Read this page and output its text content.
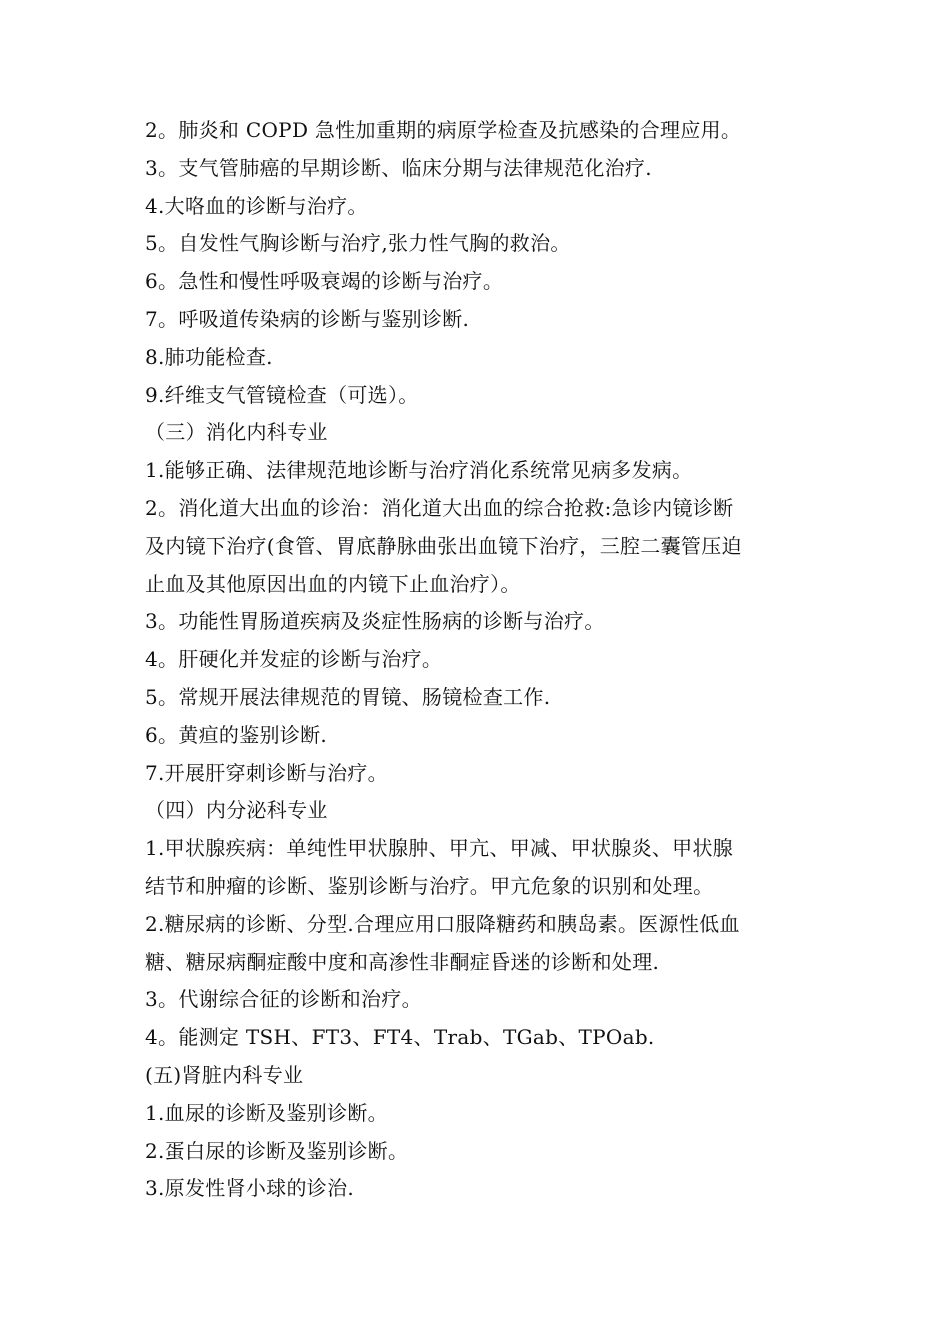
2。肺炎和 COPD 急性加重期的病原学检查及抗感染的合理应用。
3。支气管肺癌的早期诊断、临床分期与法律规范化治疗.
4.大咯血的诊断与治疗。
5。自发性气胸诊断与治疗,张力性气胸的救治。
6。急性和慢性呼吸衰竭的诊断与治疗。
7。呼吸道传染病的诊断与鉴别诊断.
8.肺功能检查.
9.纤维支气管镜检查（可选）。
（三）消化内科专业
1.能够正确、法律规范地诊断与治疗消化系统常见病多发病。
2。消化道大出血的诊治：消化道大出血的综合抢救:急诊内镜诊断
及内镜下治疗(食管、胃底静脉曲张出血镜下治疗，三腔二囊管压迫
止血及其他原因出血的内镜下止血治疗）。
3。功能性胃肠道疾病及炎症性肠病的诊断与治疗。
4。肝硬化并发症的诊断与治疗。
5。常规开展法律规范的胃镜、肠镜检查工作.
6。黄疸的鉴别诊断.
7.开展肝穿刺诊断与治疗。
（四）内分泌科专业
1.甲状腺疾病：单纯性甲状腺肿、甲亢、甲减、甲状腺炎、甲状腺
结节和肿瘤的诊断、鉴别诊断与治疗。甲亢危象的识别和处理。
2.糖尿病的诊断、分型.合理应用口服降糖药和胰岛素。医源性低血
糖、糖尿病酮症酸中度和高渗性非酮症昏迷的诊断和处理.
3。代谢综合征的诊断和治疗。
4。能测定 TSH、FT3、FT4、Trab、TGab、TPOab.
(五)肾脏内科专业
1.血尿的诊断及鉴别诊断。
2.蛋白尿的诊断及鉴别诊断。
3.原发性肾小球的诊治.
